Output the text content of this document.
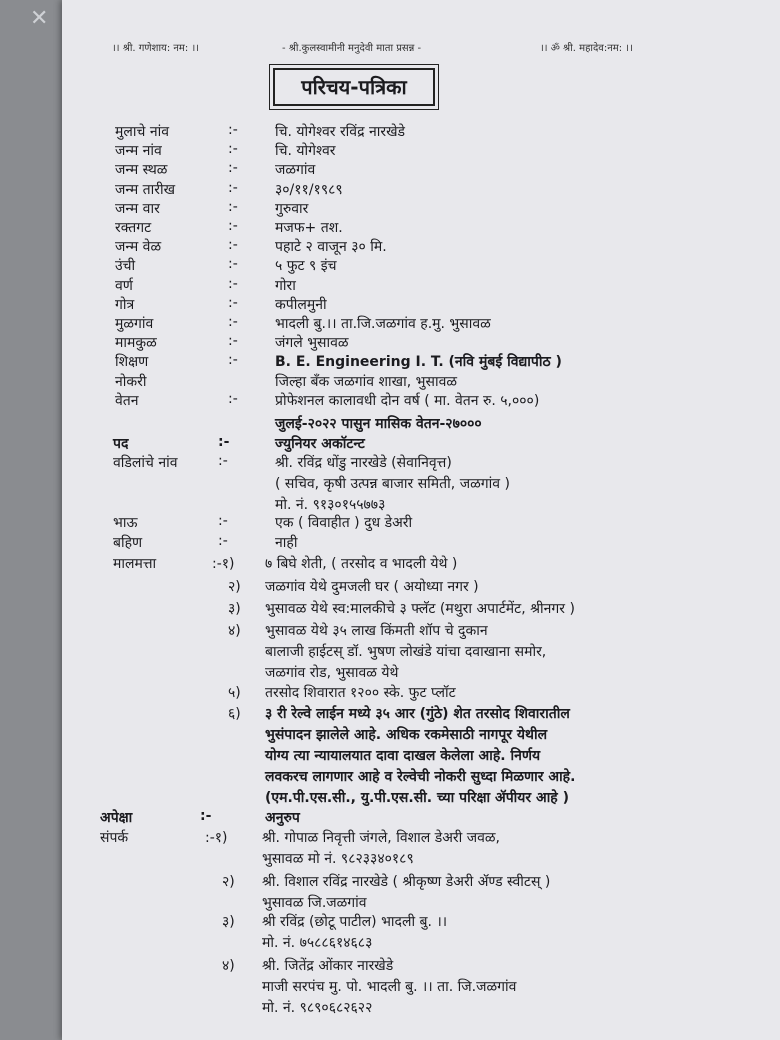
✕
।। श्री. गणेशाय: नम: ।।	- श्री.कुलस्वामीनी मनुदेवी माता प्रसन्न -	।। ॐ श्री. महादेव:नम: ।।
परिचय-पत्रिका
मुलाचे नांव	:-	चि. योगेश्वर रविंद्र नारखेडे
जन्म नांव	:-	चि. योगेश्वर
जन्म स्थळ	:-	जळगांव
जन्म तारीख	:-	३०/११/१९८९
जन्म वार	:-	गुरुवार
रक्तगट	:-	मजफ+ तश.
जन्म वेळ	:-	पहाटे २ वाजून ३० मि.
उंची	:-	५ फुट ९ इंच
वर्ण	:-	गोरा
गोत्र	:-	कपीलमुनी
मुळगांव	:-	भादली बु.।। ता.जि.जळगांव ह.मु. भुसावळ
मामकुळ	:-	जंगले भुसावळ
शिक्षण	:-	B. E. Engineering I. T. (नवि मुंबई विद्यापीठ )
नोकरी	जिल्हा बँक जळगांव शाखा, भुसावळ
वेतन	:-	प्रोफेशनल कालावधी दोन वर्ष ( मा. वेतन रु. ५,०००)
जुलई-२०२२ पासुन मासिक वेतन-२७०००
पद	:-	ज्युनियर अकॉटन्ट
वडिलांचे नांव	:-	श्री. रविंद्र धोंडु नारखेडे (सेवानिवृत्त)
( सचिव, कृषी उत्पन्न बाजार समिती, जळगांव )
मो. नं. ९१३०१५५७७३
भाऊ	:-	एक ( विवाहीत ) दुध डेअरी
बहिण	:-	नाही
मालमत्ता	:-१) ७ बिघे शेती, ( तरसोद व भादली येथे )
२) जळगांव येथे दुमजली घर ( अयोध्या नगर )
३) भुसावळ येथे स्व:मालकीचे ३ फ्लॅट (मथुरा अपार्टमेंट, श्रीनगर )
४) भुसावळ येथे ३५ लाख किंमती शॉप चे दुकान
बालाजी हाईटस् डॉ. भुषण लोखंडे यांचा दवाखाना समोर,
जळगांव रोड, भुसावळ येथे
५) तरसोद शिवारात १२०० स्के. फुट प्लॉट
६) ३ री रेल्वे लाईन मध्ये ३५ आर (गुंठे) शेत तरसोद शिवारातील
भुसंपादन झालेले आहे. अधिक रकमेसाठी नागपूर येथील
योग्य त्या न्यायालयात दावा दाखल केलेला आहे. निर्णय
लवकरच लागणार आहे व रेल्वेची नोकरी सुध्दा मिळणार आहे.
(एम.पी.एस.सी., यु.पी.एस.सी. च्या परिक्षा ॲपीयर आहे )
अपेक्षा	:-	अनुरुप
संपर्क	:-१) श्री. गोपाळ निवृत्ती जंगले, विशाल डेअरी जवळ,
भुसावळ मो नं. ९८२३३४०१८९
२) श्री. विशाल रविंद्र नारखेडे ( श्रीकृष्ण डेअरी ॲण्ड स्वीटस् )
भुसावळ जि.जळगांव
३) श्री रविंद्र (छोटू पाटील) भादली बु. ।।
मो. नं. ७५८८६१४६८३
४) श्री. जितेंद्र ओंकार नारखेडे
माजी सरपंच मु. पो. भादली बु. ।। ता. जि.जळगांव
मो. नं. ९८९०६८२६२२
